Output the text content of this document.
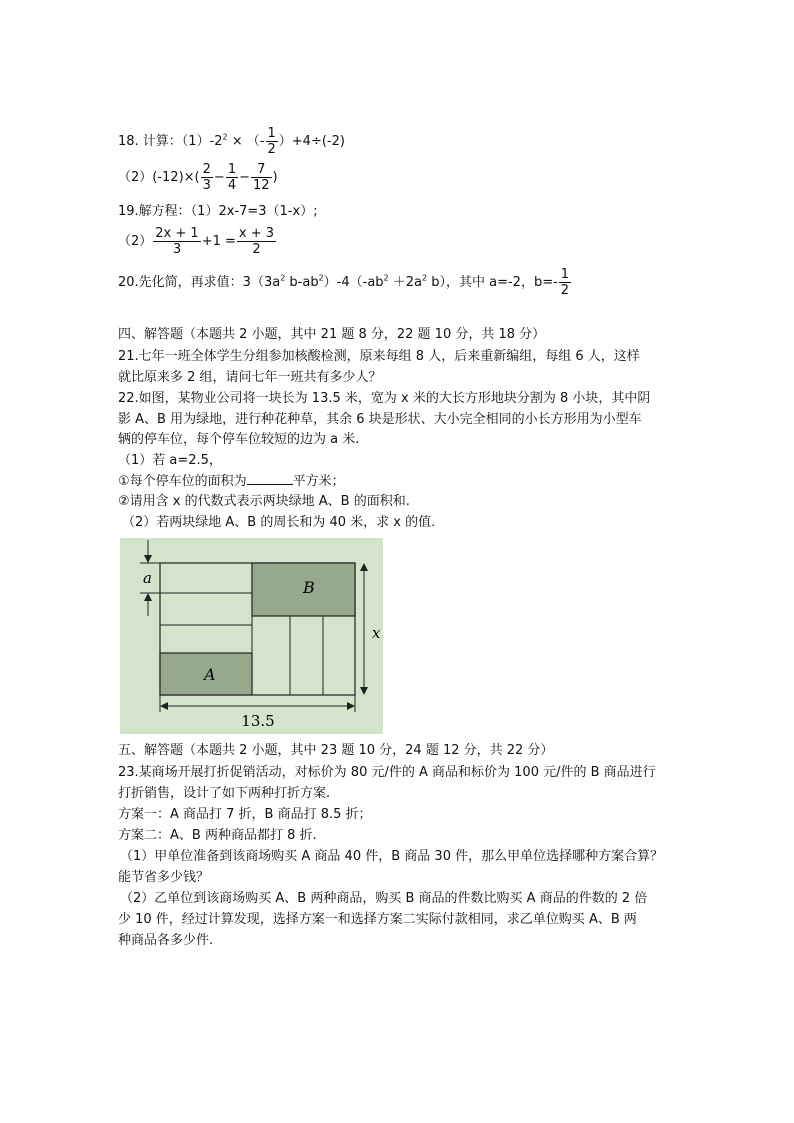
18. 计算：$(1)-2^2$ × （- $\frac{1}{2} )+4\div(-2)$
$(2)(-12)\times( \frac{2}{3} - \frac{1}{4} - \frac{7}{12}$ )
19.解方程：（1）2x-7=3（1-x）;
$(2) \frac{2x + 1}{3} +1 = \frac{x + 3}{2}$
20.先化简，再求值：$3(3a^2$ $b-ab^2)-4(-ab^2 +2a^2$ b），其中 a=-2，$b=- \frac{1}{2}$
四、解答题（本题共 2 小题，其中 21 题 8 分，22 题 10 分，共 18 分）
21.七年一班全体学生分组参加核酸检测，原来每组 8 人，后来重新编组，每组 6 人，这样
就比原来多 2 组，请问七年一班共有多少人？
22.如图，某物业公司将一块长为 13.5 米，宽为 x 米的大长方形地块分割为 8 小块，其中阴
影 A、B 用为绿地，进行种花种草，其余 6 块是形状、大小完全相同的小长方形用为小型车
辆的停车位，每个停车位较短的边为 a 米.
（1）若 a=2.5，
①每个停车位的面积为	平方米；
②请用含 x 的代数式表示两块绿地 A、B 的面积和.
（2）若两块绿地 A、B 的周长和为 40 米，求 x 的值.
a	B
A
x
13.5
五、解答题（本题共 2 小题，其中 23 题 10 分，24 题 12 分，共 22 分）
23.某商场开展打折促销活动，对标价为 80 元/件的 A 商品和标价为 100 元/件的 B 商品进行
打折销售，设计了如下两种打折方案.
方案一：A 商品打 7 折，B 商品打 8.5 折；
方案二：A、B 两种商品都打 8 折.
（1）甲单位准备到该商场购买 A 商品 40 件，B 商品 30 件，那么甲单位选择哪种方案合算？
能节省多少钱？
（2）乙单位到该商场购买 A、B 两种商品，购买 B 商品的件数比购买 A 商品的件数的 2 倍
少 10 件，经过计算发现，选择方案一和选择方案二实际付款相同，求乙单位购买 A、B 两
种商品各多少件.
